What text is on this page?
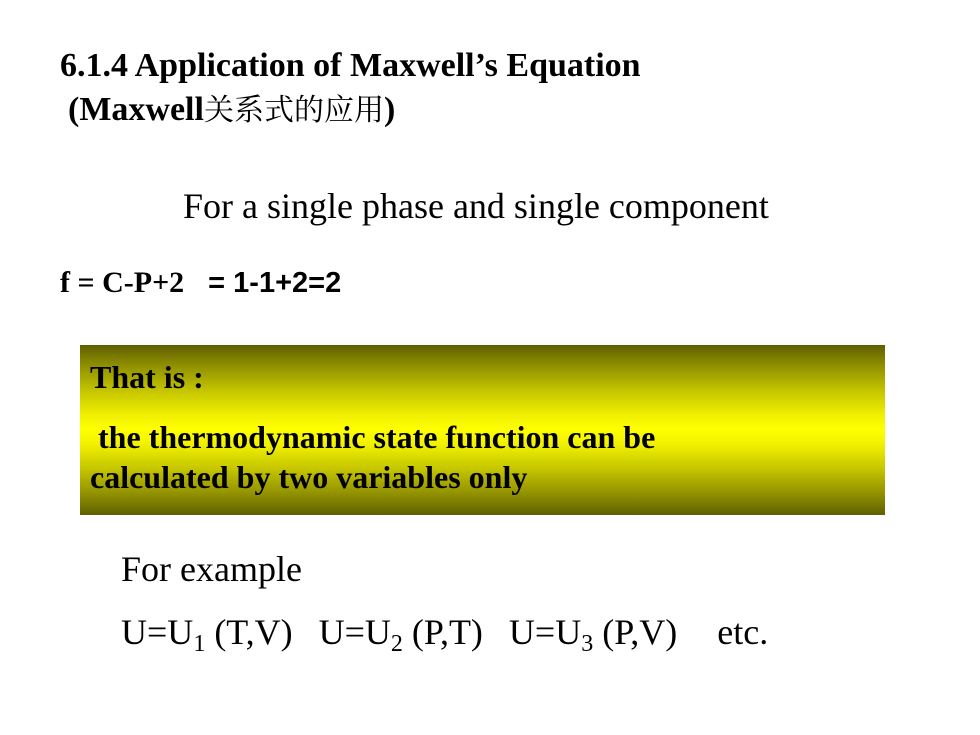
6.1.4 Application of Maxwell’s Equation
(Maxwell关系式的应用)
For a single phase and single component
f = C-P+2 = 1-1+2=2

That is :

the thermodynamic state function can be
calculated by two variables only

For example
$U=U_1$ (T,V) $U=U_2$ (P,T) $U=U_3$ (P,V) etc.
